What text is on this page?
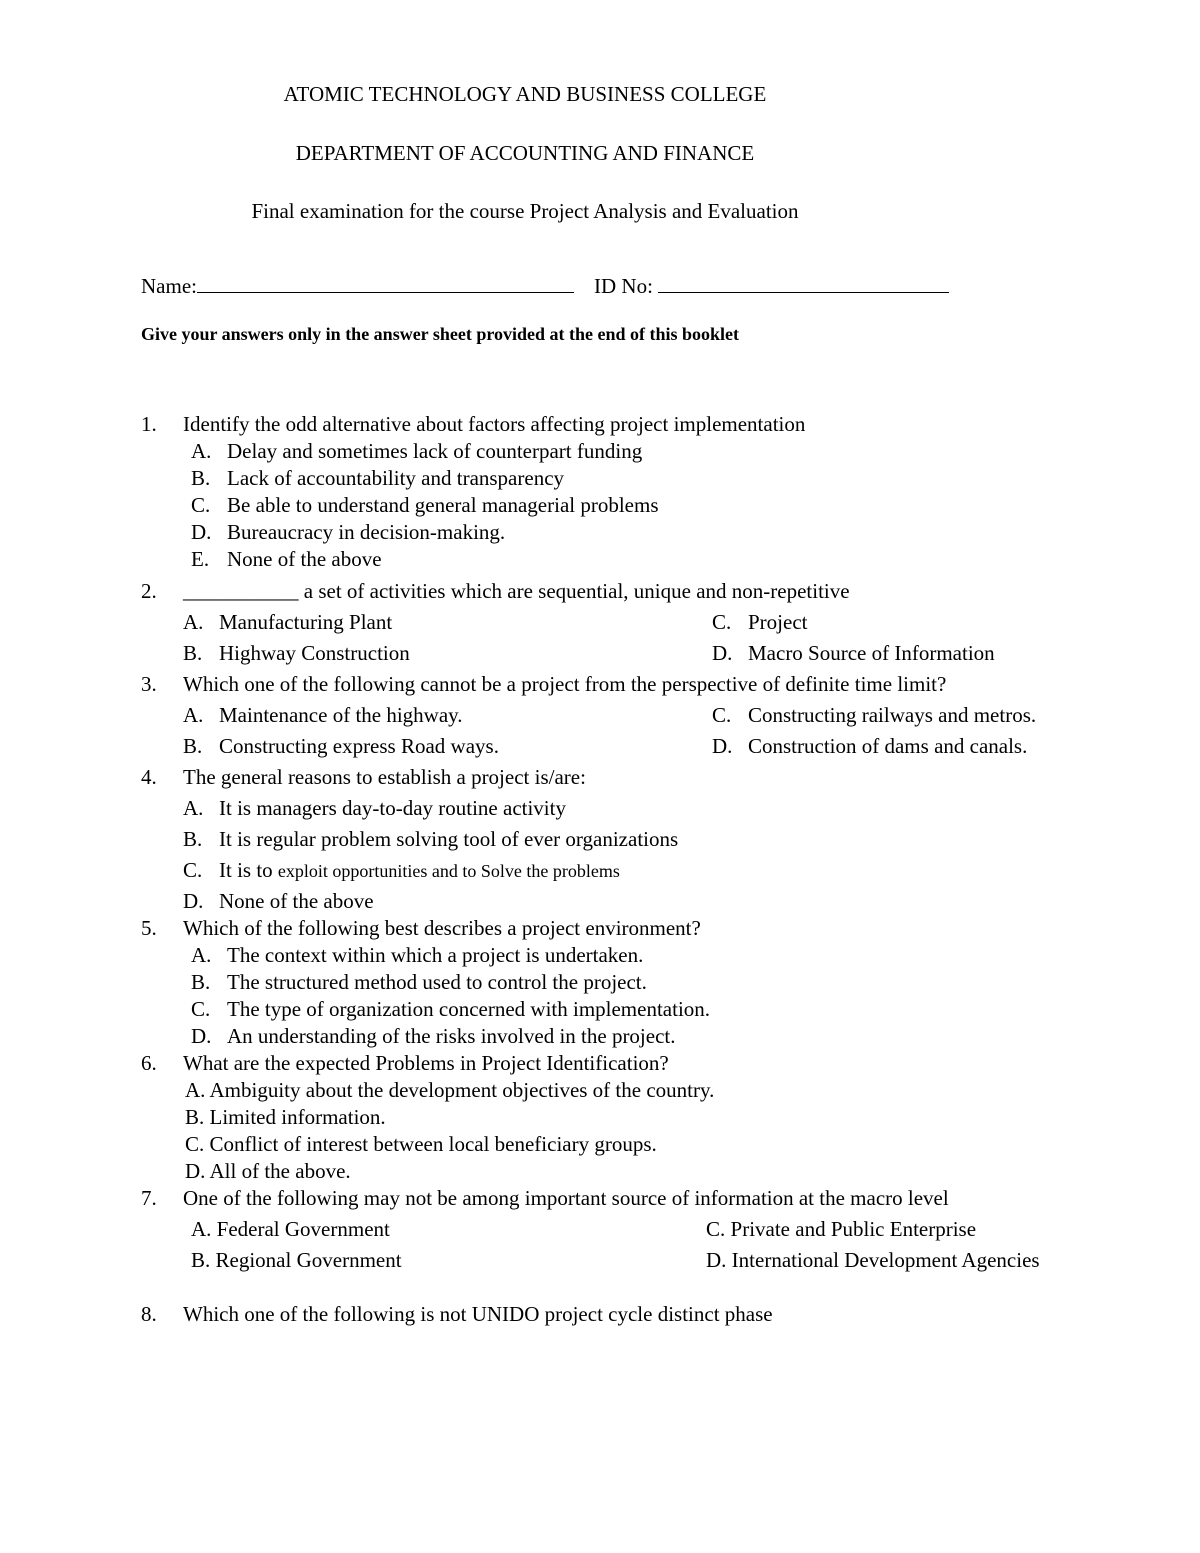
ATOMIC TECHNOLOGY AND BUSINESS COLLEGE
DEPARTMENT OF ACCOUNTING AND FINANCE
Final examination for the course Project Analysis and Evaluation
Name:	ID No:
Give your answers only in the answer sheet provided at the end of this booklet
1. Identify the odd alternative about factors affecting project implementation
A. Delay and sometimes lack of counterpart funding
B. Lack of accountability and transparency
C. Be able to understand general managerial problems
D. Bureaucracy in decision-making.
E. None of the above
2. ___________ a set of activities which are sequential, unique and non-repetitive
A. Manufacturing Plant	C. Project
B. Highway Construction	D. Macro Source of Information
3. Which one of the following cannot be a project from the perspective of definite time limit?
A. Maintenance of the highway.	C. Constructing railways and metros.
B. Constructing express Road ways.	D. Construction of dams and canals.
4. The general reasons to establish a project is/are:
A. It is managers day-to-day routine activity
B. It is regular problem solving tool of ever organizations
C. It is to exploit opportunities and to Solve the problems
D. None of the above
5. Which of the following best describes a project environment?
A. The context within which a project is undertaken.
B. The structured method used to control the project.
C. The type of organization concerned with implementation.
D. An understanding of the risks involved in the project.
6. What are the expected Problems in Project Identification?
A. Ambiguity about the development objectives of the country.
B. Limited information.
C. Conflict of interest between local beneficiary groups.
D. All of the above.
7. One of the following may not be among important source of information at the macro level
A. Federal Government	C. Private and Public Enterprise
B. Regional Government	D. International Development Agencies
8. Which one of the following is not UNIDO project cycle distinct phase
